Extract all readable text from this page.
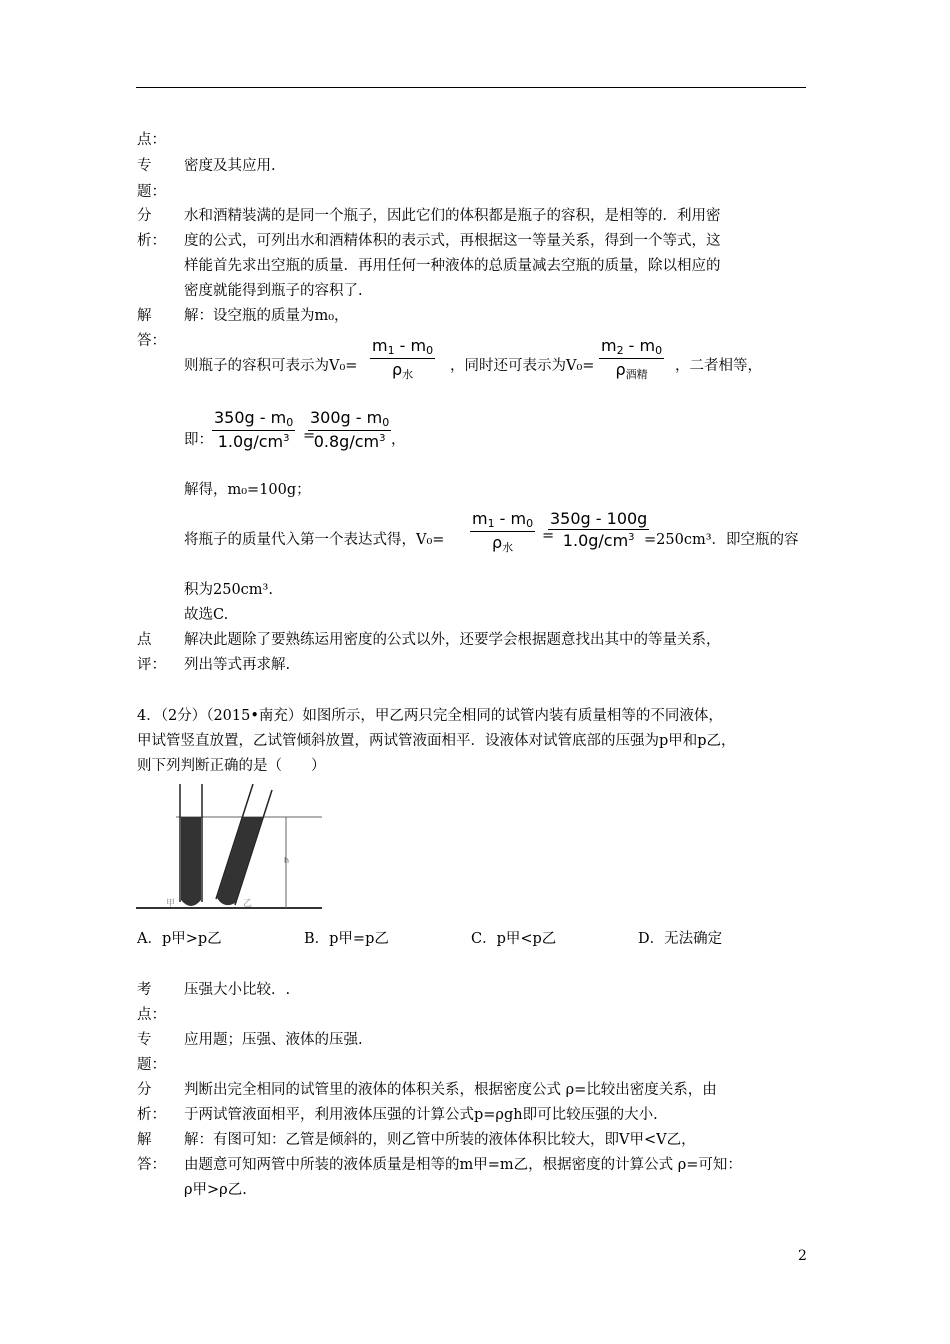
点：
专
题：
密度及其应用.
分
析：
水和酒精装满的是同一个瓶子，因此它们的体积都是瓶子的容积，是相等的．利用密
度的公式，可列出水和酒精体积的表示式，再根据这一等量关系，得到一个等式，这
样能首先求出空瓶的质量．再用任何一种液体的总质量减去空瓶的质量，除以相应的
密度就能得到瓶子的容积了.
解
答：
解：设空瓶的质量为m₀，
则瓶子的容积可表示为V₀=
$m_1 - m_0$
$\rho_水$
，同时还可表示为V₀=
$m_2 - m_0$
$\rho_{酒精}$
，二者相等，
即： $\frac{350g - m_0}{1.0g/cm^3}$ =
$\frac{300g - m_0}{0.8g/cm^3}$ ，
解得，m₀=100g；
将瓶子的质量代入第一个表达式得，V₀=
$m_1 - m_0$
$\rho_水$
=
$\frac{350g - 100g}{1.0g/cm^3}$
=250cm³．即空瓶的容
积为250cm³.
故选C.
点
评：
解决此题除了要熟练运用密度的公式以外，还要学会根据题意找出其中的等量关系，
列出等式再求解.
4．（2分）（2015•南充）如图所示，甲乙两只完全相同的试管内装有质量相等的不同液体，
甲试管竖直放置，乙试管倾斜放置，两试管液面相平．设液体对试管底部的压强为p甲和p乙，
则下列判断正确的是（　　）
h
甲	乙
A．p甲>p乙	B．p甲=p乙	C．p甲<p乙	D．无法确定
考
点：
压强大小比较．.
专
题：
应用题；压强、液体的压强.
分
析：
判断出完全相同的试管里的液体的体积关系，根据密度公式 ρ=比较出密度关系，由
于两试管液面相平，利用液体压强的计算公式p=ρgh即可比较压强的大小.
解
答：
解：有图可知：乙管是倾斜的，则乙管中所装的液体体积比较大，即V甲<V乙，
由题意可知两管中所装的液体质量是相等的m甲=m乙，根据密度的计算公式 ρ=可知：
ρ甲>ρ乙.
2
